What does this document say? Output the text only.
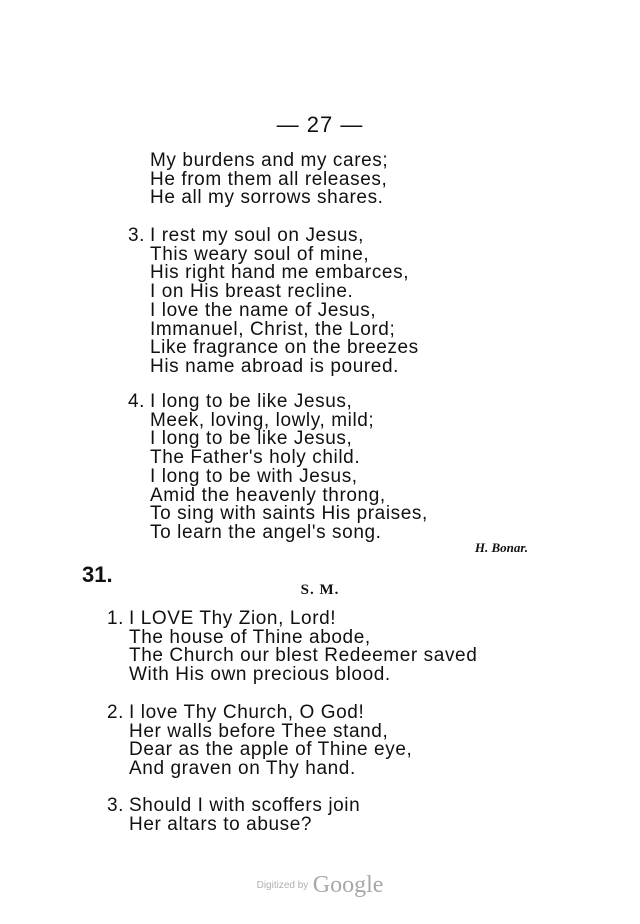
— 27 —
My burdens and my cares;
He from them all releases,
He all my sorrows shares.
3. I rest my soul on Jesus,
This weary soul of mine,
His right hand me embarces,
I on His breast recline.
I love the name of Jesus,
Immanuel, Christ, the Lord;
Like fragrance on the breezes
His name abroad is poured.
4. I long to be like Jesus,
Meek, loving, lowly, mild;
I long to be like Jesus,
The Father's holy child.
I long to be with Jesus,
Amid the heavenly throng,
To sing with saints His praises,
To learn the angel's song.
H. Bonar.
31.
S. M.
1. I LOVE Thy Zion, Lord!
The house of Thine abode,
The Church our blest Redeemer saved
With His own precious blood.
2. I love Thy Church, O God!
Her walls before Thee stand,
Dear as the apple of Thine eye,
And graven on Thy hand.
3. Should I with scoffers join
Her altars to abuse?
Digitized by Google
